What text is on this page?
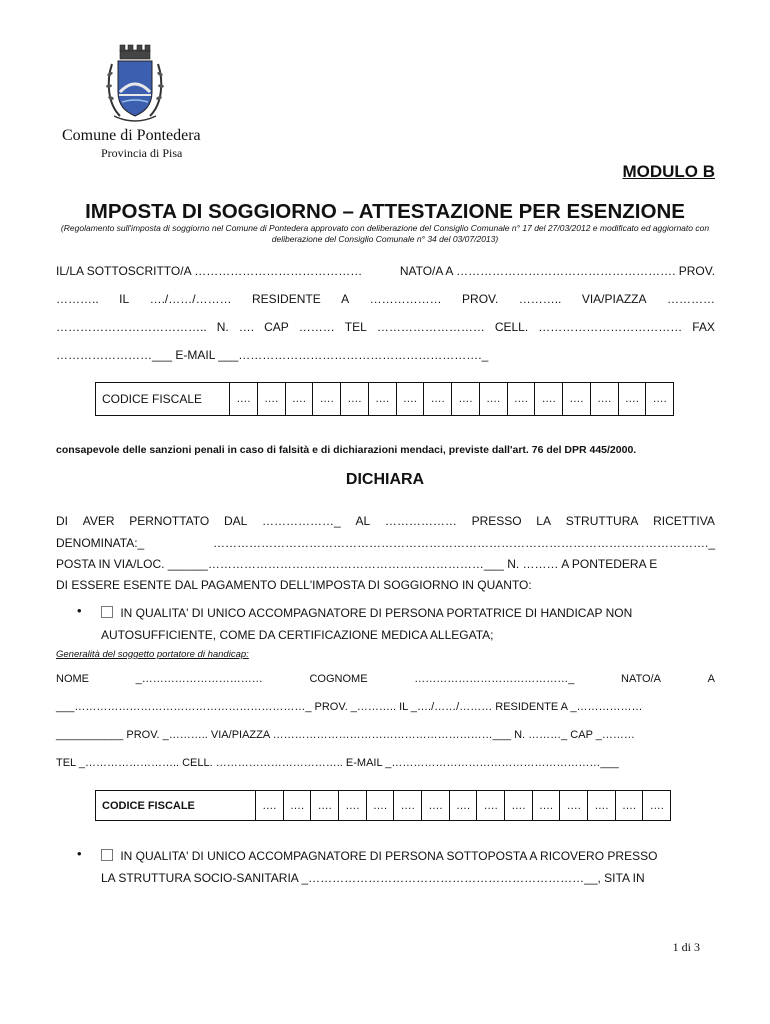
Comune di Pontedera
Provincia di Pisa
MODULO B
IMPOSTA DI SOGGIORNO – ATTESTAZIONE PER ESENZIONE
(Regolamento sull'imposta di soggiorno nel Comune di Pontedera approvato con deliberazione del Consiglio Comunale n° 17 del 27/03/2012 e modificato ed aggiornato con deliberazione del Consiglio Comunale n° 34 del 03/07/2013)
IL/LA SOTTOSCRITTO/A ……………………………………	NATO/A A ………………………………………………. PROV.
……….. IL …./……/……… RESIDENTE A ……………… PROV. ……….. VIA/PIAZZA …………
……………………………….. N. …. CAP ……… TEL ……………………… CELL. ……………………………… FAX
……………………___ E-MAIL ___……………………………………………………._
CODICE FISCALE	….	….	….	….	….	….	….	….	….	….	….	….	….	….	….	….
consapevole delle sanzioni penali in caso di falsità e di dichiarazioni mendaci, previste dall'art. 76 del DPR 445/2000.
DICHIARA
DI AVER PERNOTTATO DAL ………………_ AL ……………… PRESSO LA STRUTTURA RICETTIVA
DENOMINATA:_	……………………………………………………………………………………………………………._
POSTA IN VIA/LOC. ______……………………………………………………………___ N. ……… A PONTEDERA E
DI ESSERE ESENTE DAL PAGAMENTO DELL'IMPOSTA DI SOGGIORNO IN QUANTO:
•	IN QUALITA' DI UNICO ACCOMPAGNATORE DI PERSONA PORTATRICE DI HANDICAP NON
AUTOSUFFICIENTE, COME DA CERTIFICAZIONE MEDICA ALLEGATA;
Generalità del soggetto portatore di handicap:
NOME	_……………………………	COGNOME	……………………………………_	NATO/A	A
___………………………………………………………_ PROV. _……….. IL _…./……/……… RESIDENTE A _………………
___________ PROV. _……….. VIA/PIAZZA ……………………………………………………___ N. ………_ CAP _………
TEL _…………………….. CELL. …………………………….. E-MAIL _…………………………………………………___
CODICE FISCALE	….	….	….	….	….	….	….	….	….	….	….	….	….	….	….
•	IN QUALITA' DI UNICO ACCOMPAGNATORE DI PERSONA SOTTOPOSTA A RICOVERO PRESSO
LA STRUTTURA SOCIO-SANITARIA _……………………………………………………………__, SITA IN
1 di 3
